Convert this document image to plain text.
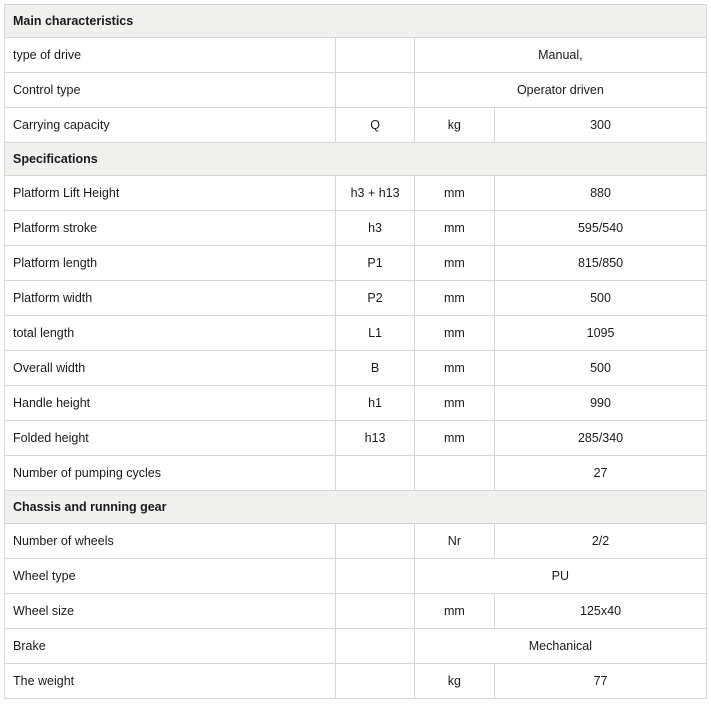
Main characteristics			
type of drive		Manual,	
Control type		Operator driven	
Carrying capacity	Q	kg	300
Specifications			
Platform Lift Height	h3 + h13	mm	880
Platform stroke	h3	mm	595/540
Platform length	P1	mm	815/850
Platform width	P2	mm	500
total length	L1	mm	1095
Overall width	B	mm	500
Handle height	h1	mm	990
Folded height	h13	mm	285/340
Number of pumping cycles			27
Chassis and running gear			
Number of wheels		Nr	2/2
Wheel type		PU	
Wheel size		mm	125x40
Brake		Mechanical	
The weight		kg	77
